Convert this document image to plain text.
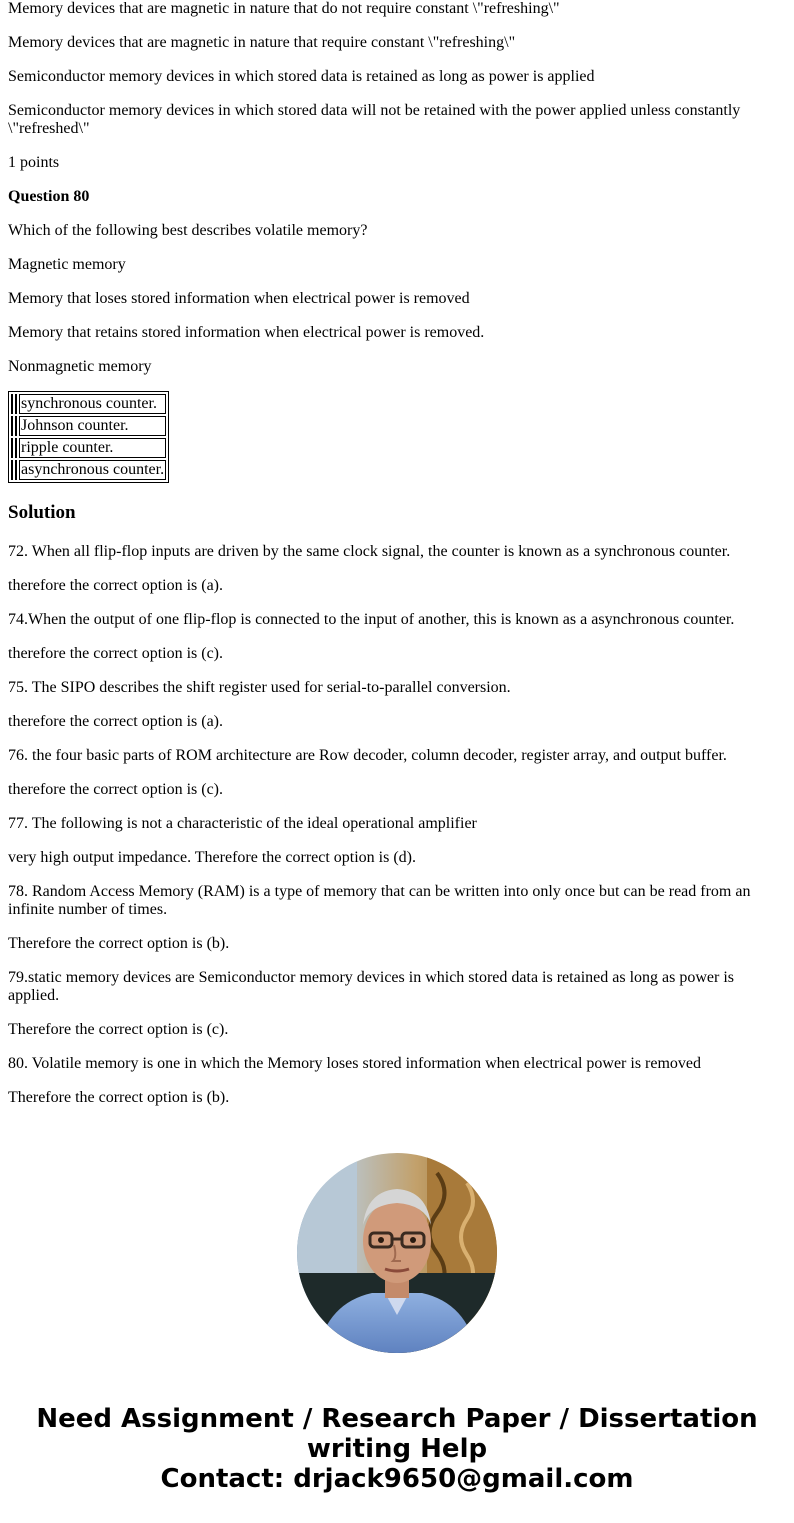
Memory devices that are magnetic in nature that do not require constant \"refreshing\"

Memory devices that are magnetic in nature that require constant \"refreshing\"

Semiconductor memory devices in which stored data is retained as long as power is applied

Semiconductor memory devices in which stored data will not be retained with the power applied unless constantly \"refreshed\"

1 points

Question 80

Which of the following best describes volatile memory?

Magnetic memory

Memory that loses stored information when electrical power is removed

Memory that retains stored information when electrical power is removed.

Nonmagnetic memory

		synchronous counter.
		Johnson counter.
		ripple counter.
		asynchronous counter.
Solution

72. When all flip-flop inputs are driven by the same clock signal, the counter is known as a synchronous counter.

therefore the correct option is (a).

74.When the output of one flip-flop is connected to the input of another, this is known as a asynchronous counter.

therefore the correct option is (c).

75. The SIPO describes the shift register used for serial-to-parallel conversion.

therefore the correct option is (a).

76. the four basic parts of ROM architecture are Row decoder, column decoder, register array, and output buffer.

therefore the correct option is (c).

77. The following is not a characteristic of the ideal operational amplifier

very high output impedance. Therefore the correct option is (d).

78. Random Access Memory (RAM) is a type of memory that can be written into only once but can be read from an infinite number of times.

Therefore the correct option is (b).

79.static memory devices are Semiconductor memory devices in which stored data is retained as long as power is applied.

Therefore the correct option is (c).

80. Volatile memory is one in which the Memory loses stored information when electrical power is removed

Therefore the correct option is (b).

Need Assignment / Research Paper / Dissertation
writing Help
Contact: drjack9650@gmail.com
